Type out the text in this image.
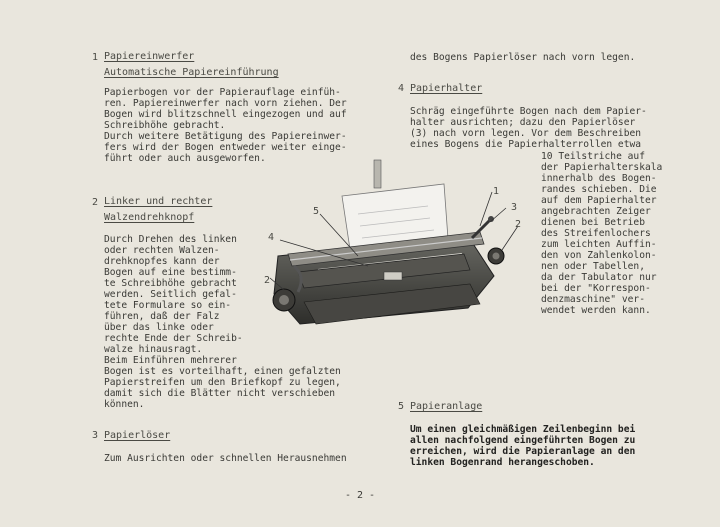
1 Papiereinwerfer
Automatische Papiereinführung
Papierbogen vor der Papierauflage einfüh-
ren. Papiereinwerfer nach vorn ziehen. Der
Bogen wird blitzschnell eingezogen und auf
Schreibhöhe gebracht.
Durch weitere Betätigung des Papiereinwer-
fers wird der Bogen entweder weiter einge-
führt oder auch ausgeworfen.
2 Linker und rechter
Walzendrehknopf
Durch Drehen des linken
oder rechten Walzen-
drehknopfes kann der
Bogen auf eine bestimm-
te Schreibhöhe gebracht
werden. Seitlich gefal-
tete Formulare so ein-
führen, daß der Falz
über das linke oder
rechte Ende der Schreib-
walze hinausragt.
Beim Einführen mehrerer
Bogen ist es vorteilhaft, einen gefalzten
Papierstreifen um den Briefkopf zu legen,
damit sich die Blätter nicht verschieben
können.
3 Papierlöser
Zum Ausrichten oder schnellen Herausnehmen
des Bogens Papierlöser nach vorn legen.
4 Papierhalter
Schräg eingeführte Bogen nach dem Papier-
halter ausrichten; dazu den Papierlöser
(3) nach vorn legen. Vor dem Beschreiben
eines Bogens die Papierhalterrollen etwa
10 Teilstriche auf
der Papierhalterskala
innerhalb des Bogen-
randes schieben. Die
auf dem Papierhalter
angebrachten Zeiger
dienen bei Betrieb
des Streifenlochers
zum leichten Auffin-
den von Zahlenkolon-
nen oder Tabellen,
da der Tabulator nur
bei der "Korrespon-
denzmaschine" ver-
wendet werden kann.
5 Papieranlage
Um einen gleichmäßigen Zeilenbeginn bei
allen nachfolgend eingeführten Bogen zu
erreichen, wird die Papieranlage an den
linken Bogenrand herangeschoben.
5
4
2
1
3
2
- 2 -
